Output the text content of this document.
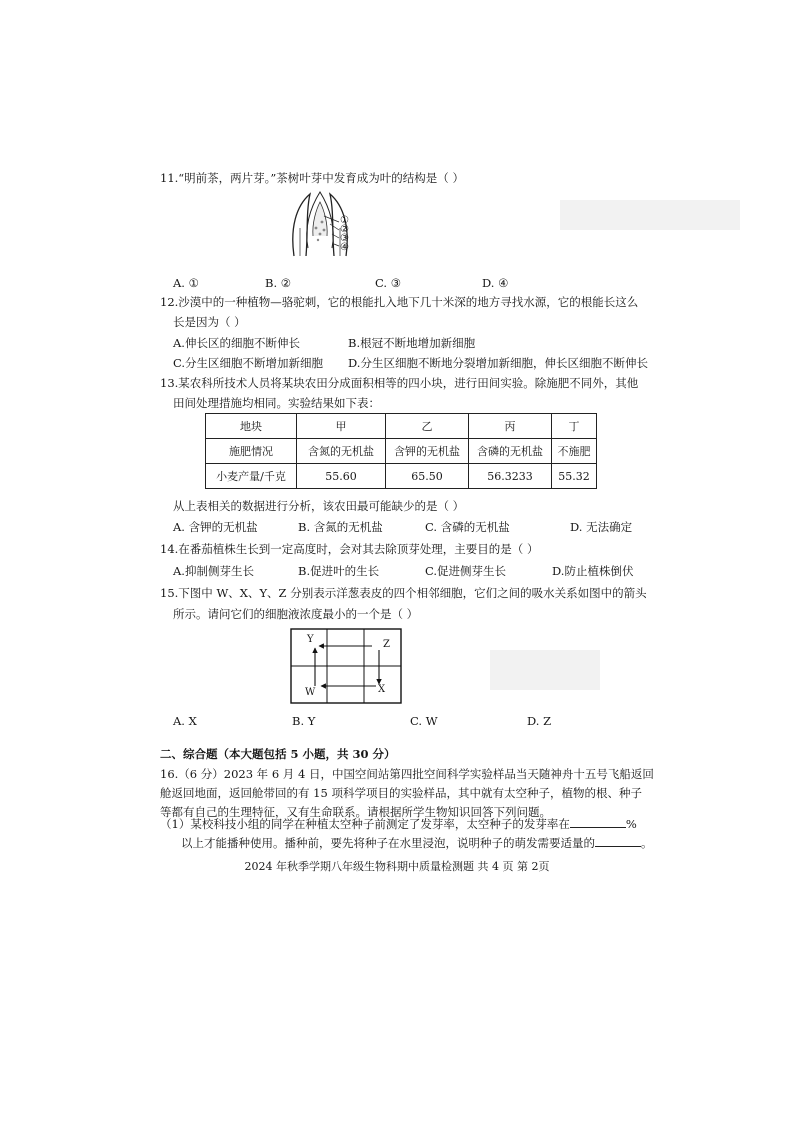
11.“明前茶，两片芽。”茶树叶芽中发育成为叶的结构是（ ）
①
②
③
④
A. ①	B. ②	C. ③	D. ④
12.沙漠中的一种植物—骆驼刺，它的根能扎入地下几十米深的地方寻找水源，它的根能长这么
长是因为（ ）
A.伸长区的细胞不断伸长	B.根冠不断地增加新细胞
C.分生区细胞不断增加新细胞 D.分生区细胞不断地分裂增加新细胞，伸长区细胞不断伸长
13.某农科所技术人员将某块农田分成面积相等的四小块，进行田间实验。除施肥不同外，其他
田间处理措施均相同。实验结果如下表：
地块	甲	乙	丙	丁
施肥情况	含氮的无机盐	含钾的无机盐	含磷的无机盐	不施肥
小麦产量/千克	55.60	65.50	56.3233	55.32
从上表相关的数据进行分析，该农田最可能缺少的是（ ）
A. 含钾的无机盐	B. 含氮的无机盐	C. 含磷的无机盐	D. 无法确定
14.在番茄植株生长到一定高度时，会对其去除顶芽处理，主要目的是（ ）
A.抑制侧芽生长	B.促进叶的生长	C.促进侧芽生长	D.防止植株倒伏
15.下图中 W、X、Y、Z 分别表示洋葱表皮的四个相邻细胞，它们之间的吸水关系如图中的箭头
所示。请问它们的细胞液浓度最小的一个是（ ）
Y	Z
W	X
A. X	B. Y	C. W	D. Z
二、综合题（本大题包括 5 小题，共 30 分）
16.（6 分）2023 年 6 月 4 日，中国空间站第四批空间科学实验样品当天随神舟十五号飞船返回
舱返回地面，返回舱带回的有 15 项科学项目的实验样品，其中就有太空种子，植物的根、种子
等都有自己的生理特征，又有生命联系。请根据所学生物知识回答下列问题。
（1）某校科技小组的同学在种植太空种子前测定了发芽率，太空种子的发芽率在	%
以上才能播种使用。播种前，要先将种子在水里浸泡，说明种子的萌发需要适量的	。
2024 年秋季学期八年级生物科期中质量检测题 共 4 页 第 2页
